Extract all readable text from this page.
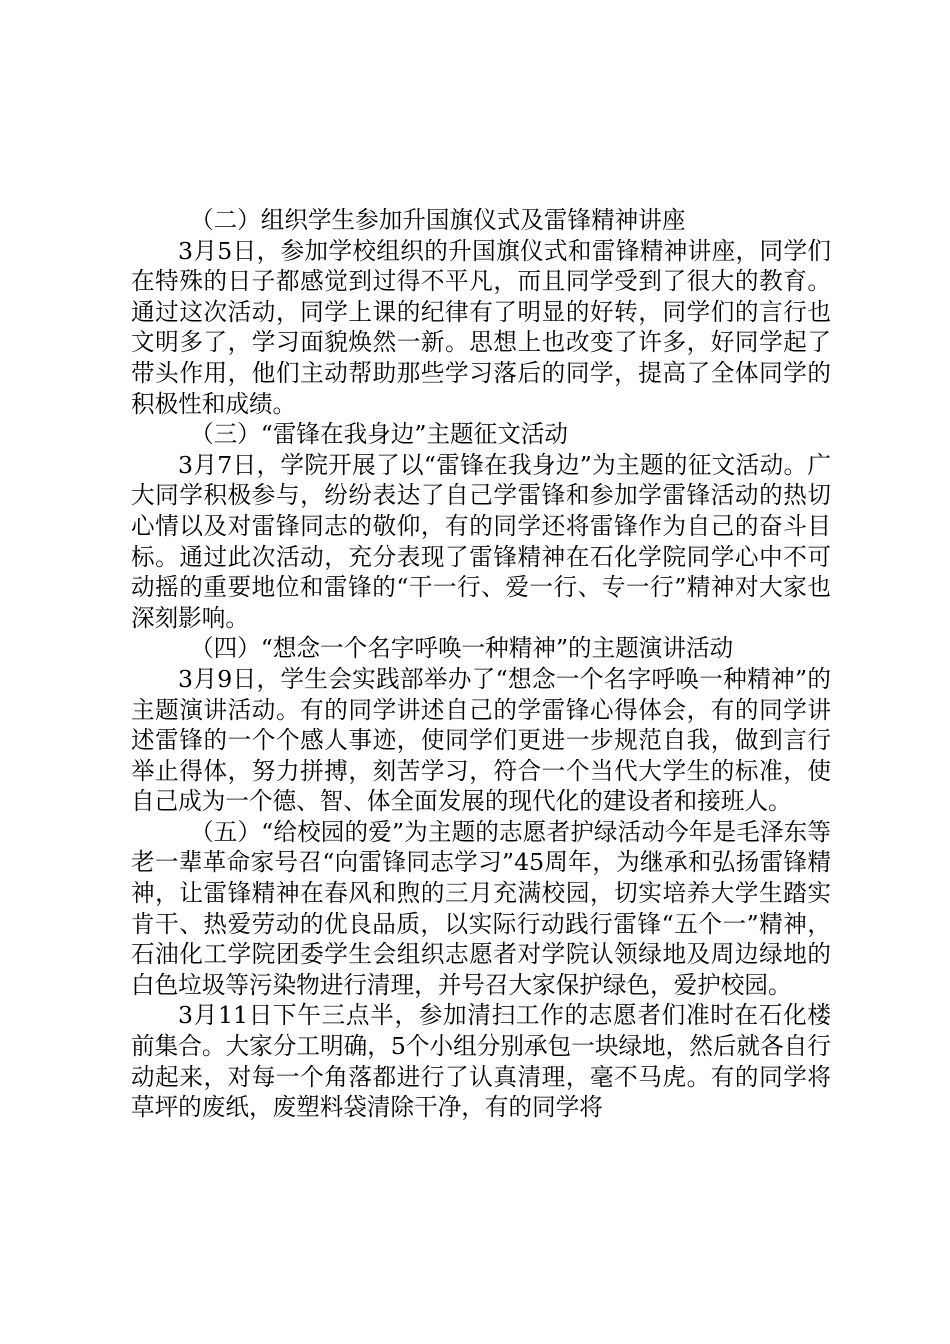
（二）组织学生参加升国旗仪式及雷锋精神讲座

3月5日，参加学校组织的升国旗仪式和雷锋精神讲座，同学们在特殊的日子都感觉到过得不平凡，而且同学受到了很大的教育。通过这次活动，同学上课的纪律有了明显的好转，同学们的言行也文明多了，学习面貌焕然一新。思想上也改变了许多，好同学起了带头作用，他们主动帮助那些学习落后的同学，提高了全体同学的积极性和成绩。

（三）“雷锋在我身边”主题征文活动

3月7日，学院开展了以“雷锋在我身边”为主题的征文活动。广大同学积极参与，纷纷表达了自己学雷锋和参加学雷锋活动的热切心情以及对雷锋同志的敬仰，有的同学还将雷锋作为自己的奋斗目标。通过此次活动，充分表现了雷锋精神在石化学院同学心中不可动摇的重要地位和雷锋的“干一行、爱一行、专一行”精神对大家也深刻影响。

（四）“想念一个名字呼唤一种精神”的主题演讲活动

3月9日，学生会实践部举办了“想念一个名字呼唤一种精神”的主题演讲活动。有的同学讲述自己的学雷锋心得体会，有的同学讲述雷锋的一个个感人事迹，使同学们更进一步规范自我，做到言行举止得体，努力拼搏，刻苦学习，符合一个当代大学生的标准，使自己成为一个德、智、体全面发展的现代化的建设者和接班人。

（五）“给校园的爱”为主题的志愿者护绿活动今年是毛泽东等老一辈革命家号召“向雷锋同志学习”45周年，为继承和弘扬雷锋精神，让雷锋精神在春风和煦的三月充满校园，切实培养大学生踏实肯干、热爱劳动的优良品质，以实际行动践行雷锋“五个一”精神，石油化工学院团委学生会组织志愿者对学院认领绿地及周边绿地的白色垃圾等污染物进行清理，并号召大家保护绿色，爱护校园。

3月11日下午三点半，参加清扫工作的志愿者们准时在石化楼前集合。大家分工明确，5个小组分别承包一块绿地，然后就各自行动起来，对每一个角落都进行了认真清理，毫不马虎。有的同学将草坪的废纸，废塑料袋清除干净，有的同学将
